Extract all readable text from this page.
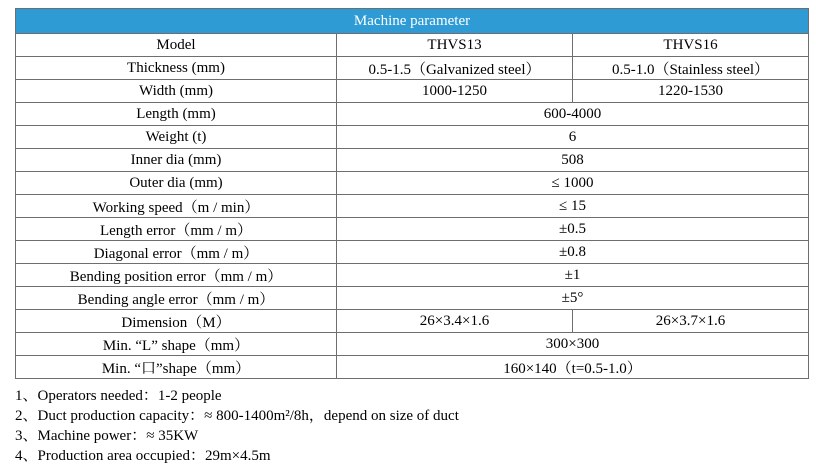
Machine parameter		
Model	THVS13	THVS16
Thickness (mm)	0.5-1.5（Galvanized steel）	0.5-1.0（Stainless steel）
Width (mm)	1000-1250	1220-1530
Length (mm)	600-4000	
Weight (t)	6	
Inner dia (mm)	508	
Outer dia (mm)	≤ 1000	
Working speed（m / min）	≤ 15	
Length error（mm / m）	±0.5	
Diagonal error（mm / m）	±0.8	
Bending position error（mm / m）	±1	
Bending angle error（mm / m）	±5°	
Dimension（M）	26×3.4×1.6	26×3.7×1.6
Min. “L” shape（mm）	300×300	
Min. “口”shape（mm）	160×140（t=0.5-1.0）	
1、Operators needed：1-2 people
2、Duct production capacity：≈ 800-1400m²/8h，depend on size of duct
3、Machine power：≈ 35KW
4、Production area occupied：29m×4.5m
